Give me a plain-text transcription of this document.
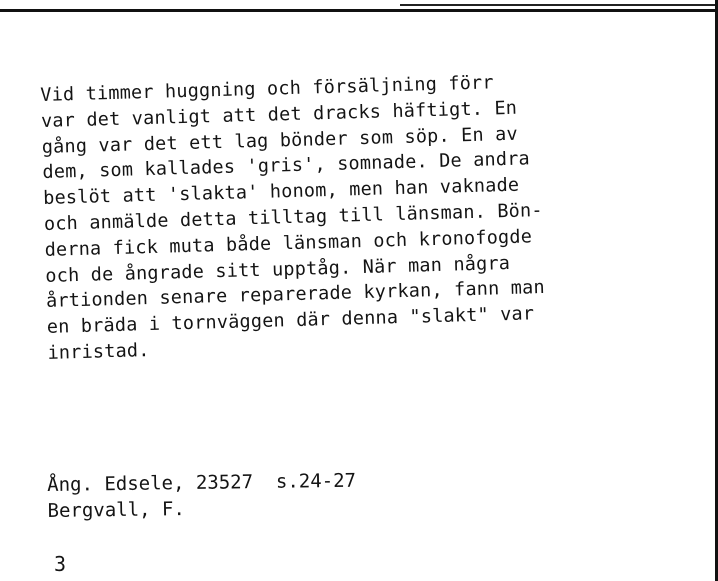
Vid timmer huggning och försäljning förr
var det vanligt att det dracks häftigt. En
gång var det ett lag bönder som söp. En av
dem, som kallades 'gris', somnade. De andra
beslöt att 'slakta' honom, men han vaknade
och anmälde detta tilltag till länsman. Bön-
derna fick muta både länsman och kronofogde
och de ångrade sitt upptåg. När man några
årtionden senare reparerade kyrkan, fann man
en bräda i tornväggen där denna "slakt" var
inristad.
Ång. Edsele, 23527  s.24-27
Bergvall, F.
3
